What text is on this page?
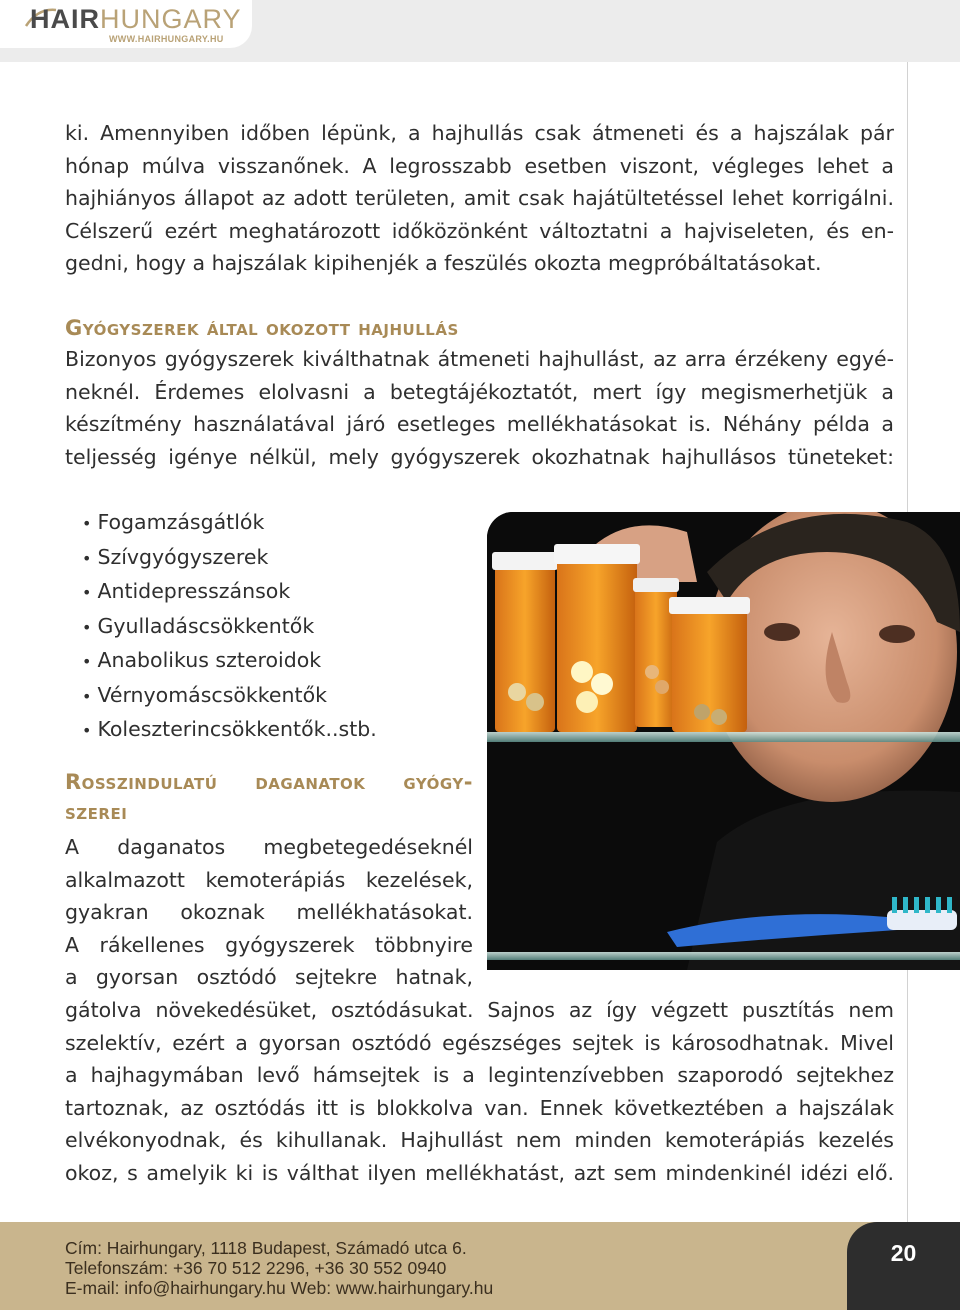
HAIRHUNGARY
WWW.HAIRHUNGARY.HU
ki. Amennyiben időben lépünk, a hajhullás csak átmeneti és a hajszálak pár
hónap múlva visszanőnek. A legrosszabb esetben viszont, végleges lehet a
hajhiányos állapot az adott területen, amit csak hajátültetéssel lehet korrigálni.
Célszerű ezért meghatározott időközönként változtatni a hajviseleten, és en-
gedni, hogy a hajszálak kipihenjék a feszülés okozta megpróbáltatásokat.
Gyógyszerek által okozott hajhullás
Bizonyos gyógyszerek kiválthatnak átmeneti hajhullást, az arra érzékeny egyé-
neknél. Érdemes elolvasni a betegtájékoztatót, mert így megismerhetjük a
készítmény használatával járó esetleges mellékhatásokat is. Néhány példa a
teljesség igénye nélkül, mely gyógyszerek okozhatnak hajhullásos tüneteket:
• Fogamzásgátlók
• Szívgyógyszerek
• Antidepresszánsok
• Gyulladáscsökkentők
• Anabolikus szteroidok
• Vérnyomáscsökkentők
• Koleszterincsökkentők..stb.
Rosszindulatú daganatok gyógy-
szerei
A daganatos megbetegedéseknél
alkalmazott kemoterápiás kezelések,
gyakran okoznak mellékhatásokat.
A rákellenes gyógyszerek többnyire
a gyorsan osztódó sejtekre hatnak,
gátolva növekedésüket, osztódásukat. Sajnos az így végzett pusztítás nem
szelektív, ezért a gyorsan osztódó egészséges sejtek is károsodhatnak. Mivel
a hajhagymában levő hámsejtek is a legintenzívebben szaporodó sejtekhez
tartoznak, az osztódás itt is blokkolva van. Ennek következtében a hajszálak
elvékonyodnak, és kihullanak. Hajhullást nem minden kemoterápiás kezelés
okoz, s amelyik ki is válthat ilyen mellékhatást, azt sem mindenkinél idézi elő.
Cím: Hairhungary, 1118 Budapest, Számadó utca 6.
Telefonszám: +36 70 512 2296, +36 30 552 0940
E-mail: info@hairhungary.hu Web: www.hairhungary.hu
20
